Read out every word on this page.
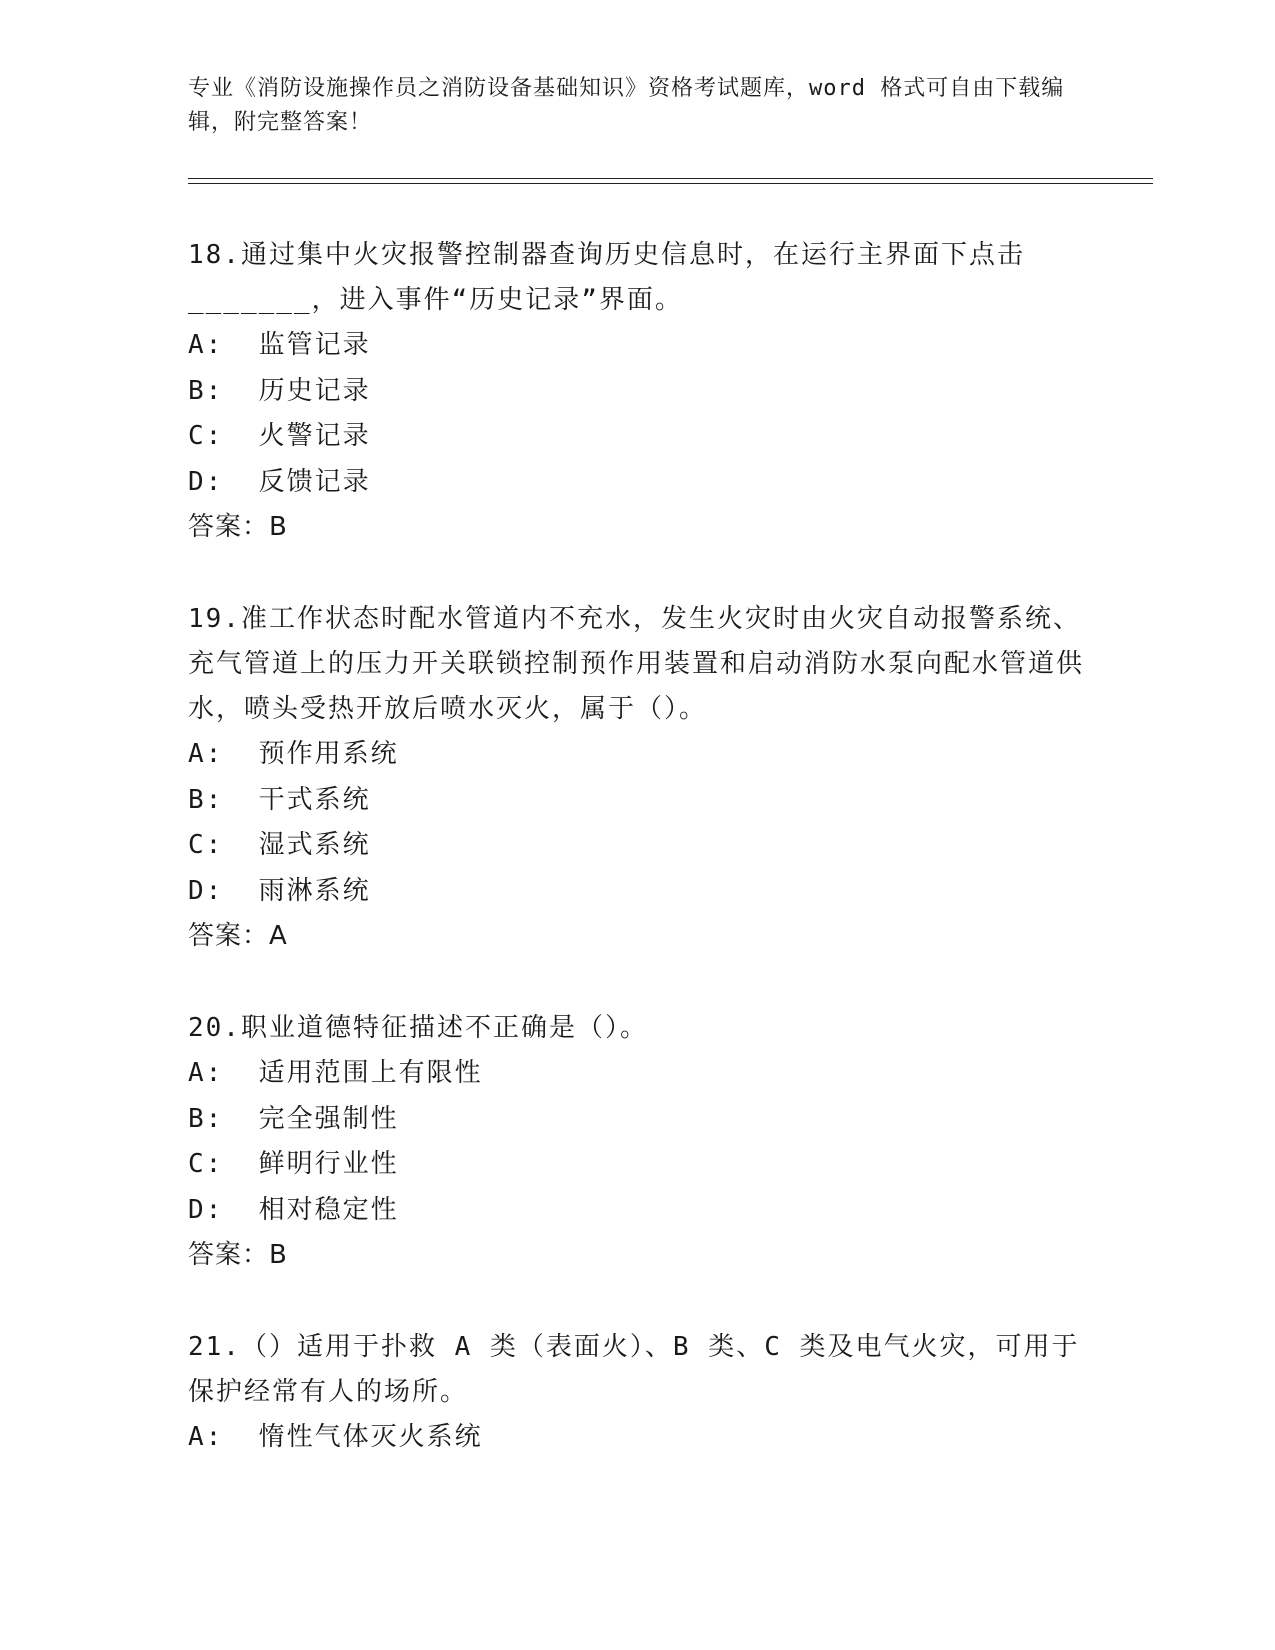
专业《消防设施操作员之消防设备基础知识》资格考试题库，word 格式可自由下载编辑，附完整答案！

18.通过集中火灾报警控制器查询历史信息时，在运行主界面下点击_______，进入事件“历史记录”界面。

A:  监管记录

B:  历史记录

C:  火警记录

D:  反馈记录

答案：B

19.准工作状态时配水管道内不充水，发生火灾时由火灾自动报警系统、充气管道上的压力开关联锁控制预作用装置和启动消防水泵向配水管道供水，喷头受热开放后喷水灭火，属于（）。

A:  预作用系统

B:  干式系统

C:  湿式系统

D:  雨淋系统

答案：A

20.职业道德特征描述不正确是（）。

A:  适用范围上有限性

B:  完全强制性

C:  鲜明行业性

D:  相对稳定性

答案：B

21.（）适用于扑救 A 类（表面火）、B 类、C 类及电气火灾，可用于保护经常有人的场所。

A:  惰性气体灭火系统
